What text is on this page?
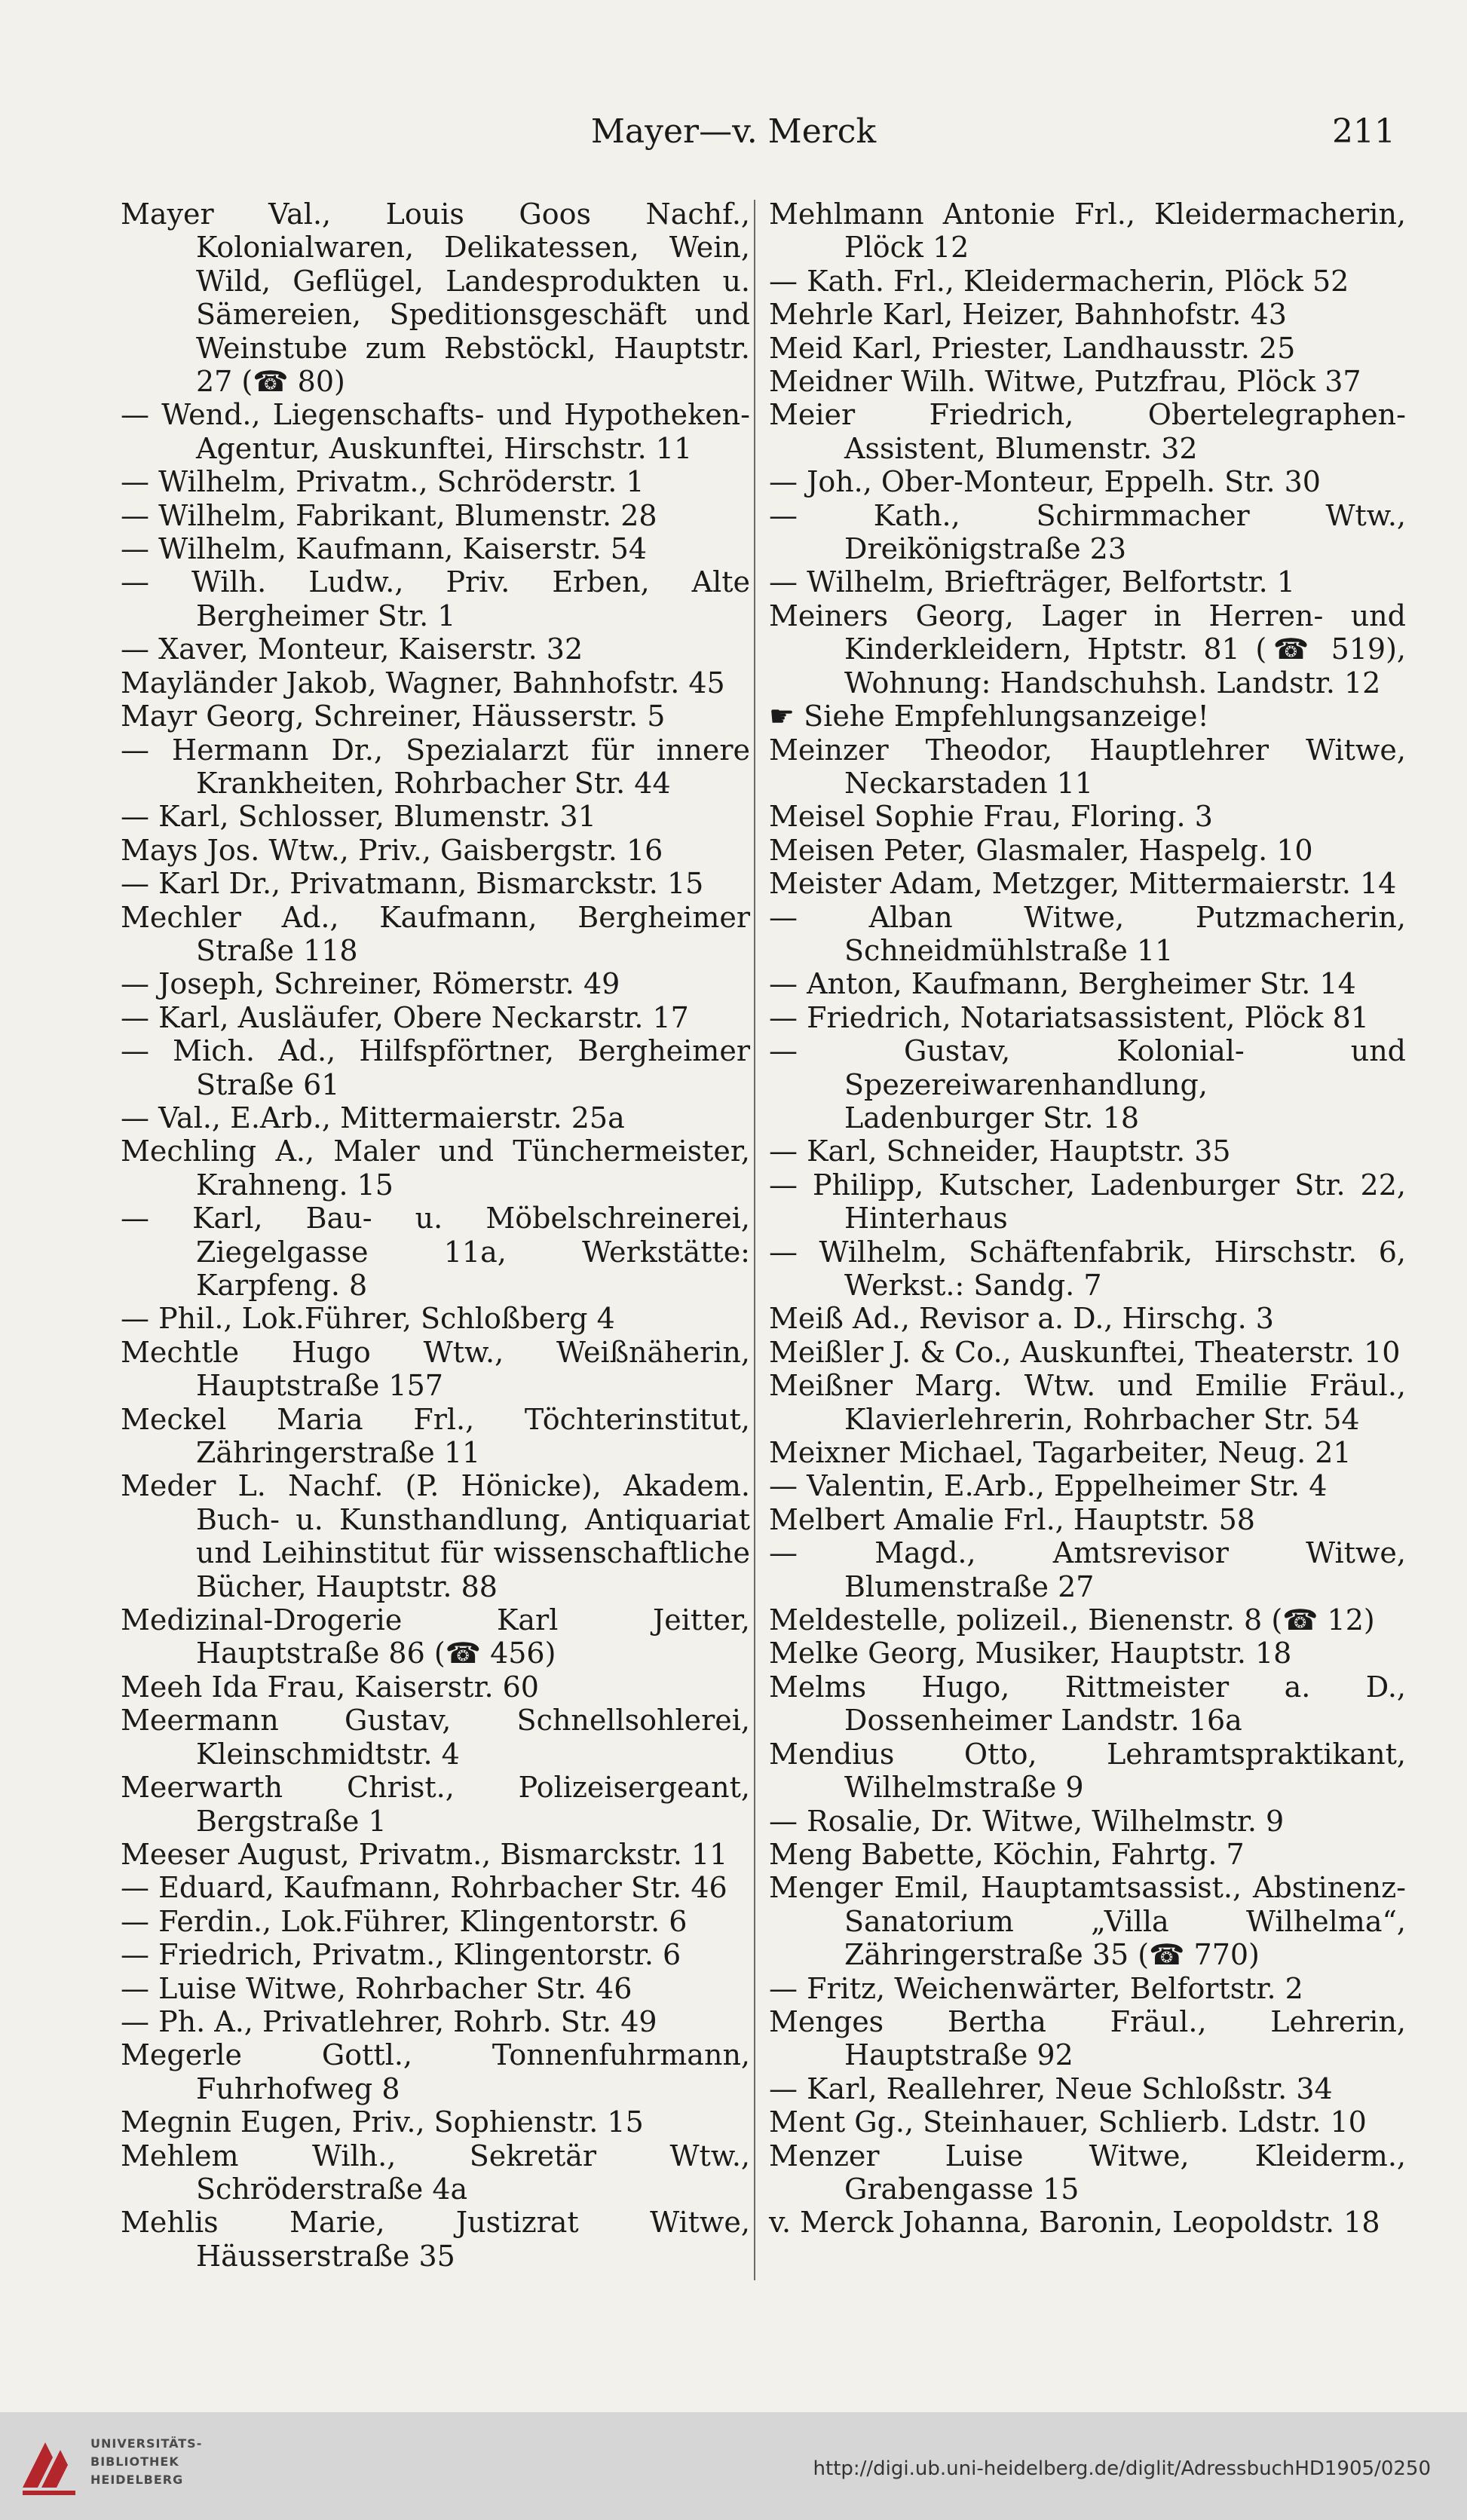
Mayer—v. Merck	211

Mayer Val., Louis Goos Nachf., Kolonialwaren, Delikatessen, Wein, Wild, Geflügel, Landesprodukten u. Sämereien, Speditionsgeschäft und Weinstube zum Rebstöckl, Hauptstr. 27 (☎ 80)

— Wend., Liegenschafts- und Hypotheken-Agentur, Auskunftei, Hirschstr. 11

— Wilhelm, Privatm., Schröderstr. 1

— Wilhelm, Fabrikant, Blumenstr. 28

— Wilhelm, Kaufmann, Kaiserstr. 54

— Wilh. Ludw., Priv. Erben, Alte Bergheimer Str. 1

— Xaver, Monteur, Kaiserstr. 32

Mayländer Jakob, Wagner, Bahnhofstr. 45

Mayr Georg, Schreiner, Häusserstr. 5

— Hermann Dr., Spezialarzt für innere Krankheiten, Rohrbacher Str. 44

— Karl, Schlosser, Blumenstr. 31

Mays Jos. Wtw., Priv., Gaisbergstr. 16

— Karl Dr., Privatmann, Bismarckstr. 15

Mechler Ad., Kaufmann, Bergheimer Straße 118

— Joseph, Schreiner, Römerstr. 49

— Karl, Ausläufer, Obere Neckarstr. 17

— Mich. Ad., Hilfspförtner, Bergheimer Straße 61

— Val., E.Arb., Mittermaierstr. 25a

Mechling A., Maler und Tünchermeister, Krahneng. 15

— Karl, Bau- u. Möbelschreinerei, Ziegelgasse 11a, Werkstätte: Karpfeng. 8

— Phil., Lok.Führer, Schloßberg 4

Mechtle Hugo Wtw., Weißnäherin, Hauptstraße 157

Meckel Maria Frl., Töchterinstitut, Zähringerstraße 11

Meder L. Nachf. (P. Hönicke), Akadem. Buch- u. Kunsthandlung, Antiquariat und Leihinstitut für wissenschaftliche Bücher, Hauptstr. 88

Medizinal-Drogerie Karl Jeitter, Hauptstraße 86 (☎ 456)

Meeh Ida Frau, Kaiserstr. 60

Meermann Gustav, Schnellsohlerei, Kleinschmidtstr. 4

Meerwarth Christ., Polizeisergeant, Bergstraße 1

Meeser August, Privatm., Bismarckstr. 11

— Eduard, Kaufmann, Rohrbacher Str. 46

— Ferdin., Lok.Führer, Klingentorstr. 6

— Friedrich, Privatm., Klingentorstr. 6

— Luise Witwe, Rohrbacher Str. 46

— Ph. A., Privatlehrer, Rohrb. Str. 49

Megerle Gottl., Tonnenfuhrmann, Fuhrhofweg 8

Megnin Eugen, Priv., Sophienstr. 15

Mehlem Wilh., Sekretär Wtw., Schröderstraße 4a

Mehlis Marie, Justizrat Witwe, Häusserstraße 35

Mehlmann Antonie Frl., Kleidermacherin, Plöck 12

— Kath. Frl., Kleidermacherin, Plöck 52

Mehrle Karl, Heizer, Bahnhofstr. 43

Meid Karl, Priester, Landhausstr. 25

Meidner Wilh. Witwe, Putzfrau, Plöck 37

Meier Friedrich, Obertelegraphen-Assistent, Blumenstr. 32

— Joh., Ober-Monteur, Eppelh. Str. 30

— Kath., Schirmmacher Wtw., Dreikönigstraße 23

— Wilhelm, Briefträger, Belfortstr. 1

Meiners Georg, Lager in Herren- und Kinderkleidern, Hptstr. 81 (☎ 519), Wohnung: Handschuhsh. Landstr. 12

☛ Siehe Empfehlungsanzeige!

Meinzer Theodor, Hauptlehrer Witwe, Neckarstaden 11

Meisel Sophie Frau, Floring. 3

Meisen Peter, Glasmaler, Haspelg. 10

Meister Adam, Metzger, Mittermaierstr. 14

— Alban Witwe, Putzmacherin, Schneidmühlstraße 11

— Anton, Kaufmann, Bergheimer Str. 14

— Friedrich, Notariatsassistent, Plöck 81

— Gustav, Kolonial- und Spezereiwarenhandlung, Ladenburger Str. 18

— Karl, Schneider, Hauptstr. 35

— Philipp, Kutscher, Ladenburger Str. 22, Hinterhaus

— Wilhelm, Schäftenfabrik, Hirschstr. 6, Werkst.: Sandg. 7

Meiß Ad., Revisor a. D., Hirschg. 3

Meißler J. & Co., Auskunftei, Theaterstr. 10

Meißner Marg. Wtw. und Emilie Fräul., Klavierlehrerin, Rohrbacher Str. 54

Meixner Michael, Tagarbeiter, Neug. 21

— Valentin, E.Arb., Eppelheimer Str. 4

Melbert Amalie Frl., Hauptstr. 58

— Magd., Amtsrevisor Witwe, Blumenstraße 27

Meldestelle, polizeil., Bienenstr. 8 (☎ 12)

Melke Georg, Musiker, Hauptstr. 18

Melms Hugo, Rittmeister a. D., Dossenheimer Landstr. 16a

Mendius Otto, Lehramtspraktikant, Wilhelmstraße 9

— Rosalie, Dr. Witwe, Wilhelmstr. 9

Meng Babette, Köchin, Fahrtg. 7

Menger Emil, Hauptamtsassist., Abstinenz-Sanatorium „Villa Wilhelma“, Zähringerstraße 35 (☎ 770)

— Fritz, Weichenwärter, Belfortstr. 2

Menges Bertha Fräul., Lehrerin, Hauptstraße 92

— Karl, Reallehrer, Neue Schloßstr. 34

Ment Gg., Steinhauer, Schlierb. Ldstr. 10

Menzer Luise Witwe, Kleiderm., Grabengasse 15

v. Merck Johanna, Baronin, Leopoldstr. 18

UNIVERSITÄTS-
BIBLIOTHEK
HEIDELBERG	http://digi.ub.uni-heidelberg.de/diglit/AdressbuchHD1905/0250
